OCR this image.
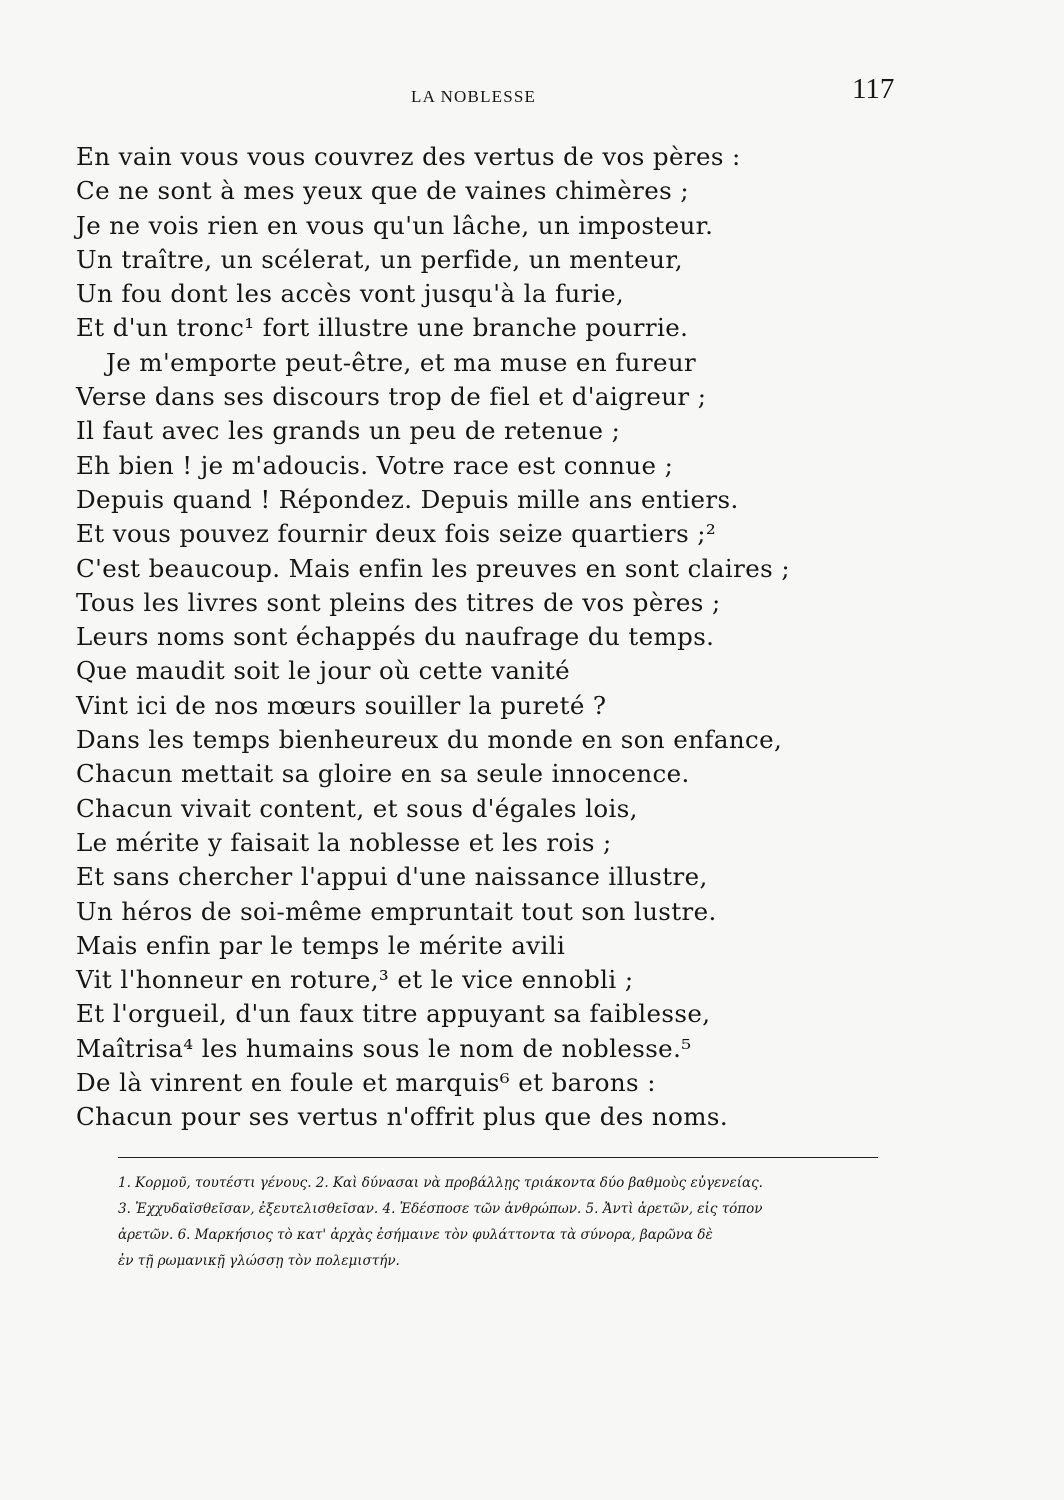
LA NOBLESSE	117
En vain vous vous couvrez des vertus de vos pères :
Ce ne sont à mes yeux que de vaines chimères ;
Je ne vois rien en vous qu'un lâche, un imposteur.
Un traître, un scélerat, un perfide, un menteur,
Un fou dont les accès vont jusqu'à la furie,
Et d'un tronc¹ fort illustre une branche pourrie.
Je m'emporte peut-être, et ma muse en fureur
Verse dans ses discours trop de fiel et d'aigreur ;
Il faut avec les grands un peu de retenue ;
Eh bien ! je m'adoucis. Votre race est connue ;
Depuis quand ! Répondez. Depuis mille ans entiers.
Et vous pouvez fournir deux fois seize quartiers ;²
C'est beaucoup. Mais enfin les preuves en sont claires ;
Tous les livres sont pleins des titres de vos pères ;
Leurs noms sont échappés du naufrage du temps.
Que maudit soit le jour où cette vanité
Vint ici de nos mœurs souiller la pureté ?
Dans les temps bienheureux du monde en son enfance,
Chacun mettait sa gloire en sa seule innocence.
Chacun vivait content, et sous d'égales lois,
Le mérite y faisait la noblesse et les rois ;
Et sans chercher l'appui d'une naissance illustre,
Un héros de soi-même empruntait tout son lustre.
Mais enfin par le temps le mérite avili
Vit l'honneur en roture,³ et le vice ennobli ;
Et l'orgueil, d'un faux titre appuyant sa faiblesse,
Maîtrisa⁴ les humains sous le nom de noblesse.⁵
De là vinrent en foule et marquis⁶ et barons :
Chacun pour ses vertus n'offrit plus que des noms.
1. Κορμοῦ, τουτέστι γένους. 2. Καὶ δύνασαι νὰ προβάλλῃς τριάκοντα δύο βαθμοὺς εὐγενείας.
3. Ἐχχυδαϊσθεῖσαν, ἐξευτελισθεῖσαν. 4. Ἐδέσποσε τῶν ἀνθρώπων. 5. Ἀντὶ ἀρετῶν, εἰς τόπον
ἀρετῶν. 6. Μαρκήσιος τὸ κατ' ἀρχὰς ἐσήμαινε τὸν φυλάττοντα τὰ σύνορα, βαρῶνα δὲ
ἐν τῇ ρωμανικῇ γλώσσῃ τὸν πολεμιστήν.
